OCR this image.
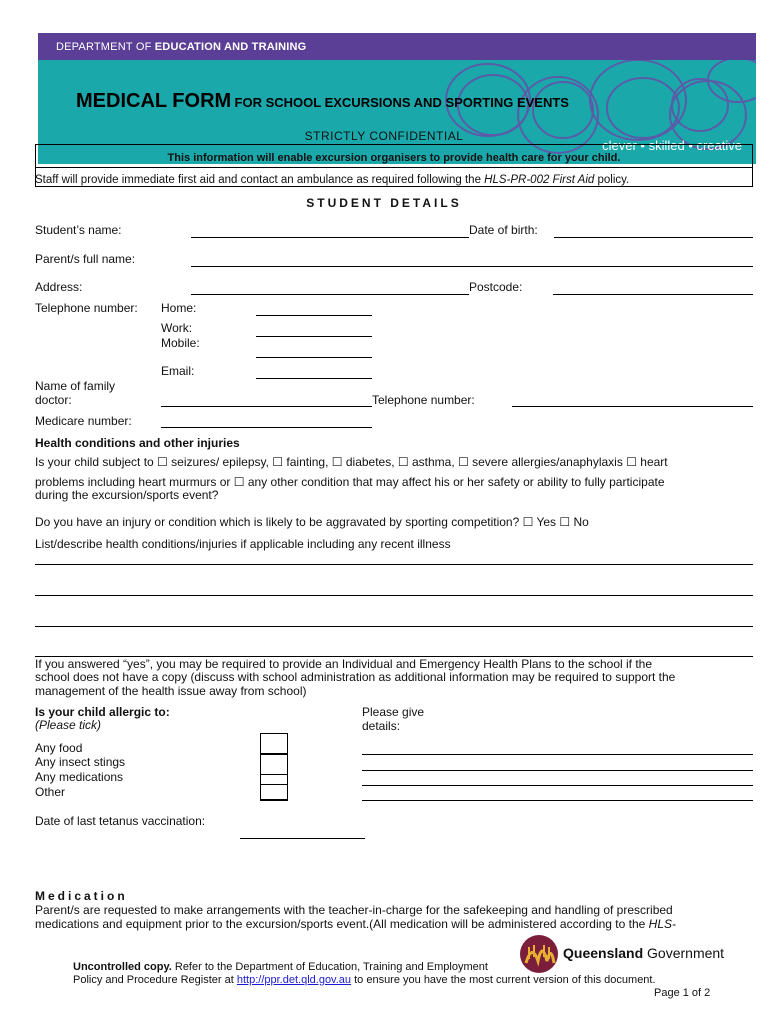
DEPARTMENT OF EDUCATION AND TRAINING
clever • skilled • creative
MEDICAL FORM FOR SCHOOL EXCURSIONS AND SPORTING EVENTS
STRICTLY CONFIDENTIAL
This information will enable excursion organisers to provide health care for your child.
Staff will provide immediate first aid and contact an ambulance as required following the HLS-PR-002 First Aid policy.
STUDENT DETAILS
Student’s name:	Date of birth:
Parent/s full name:
Address:	Postcode:
Telephone number: Home:
Work:
Mobile:
Email:
Name of family
doctor:	Telephone number:
Medicare number:
Health conditions and other injuries
Is your child subject to ☐ seizures/ epilepsy, ☐ fainting, ☐ diabetes, ☐ asthma, ☐ severe allergies/anaphylaxis ☐ heart
problems including heart murmurs or ☐ any other condition that may affect his or her safety or ability to fully participate
during the excursion/sports event?
Do you have an injury or condition which is likely to be aggravated by sporting competition? ☐ Yes ☐ No
List/describe health conditions/injuries if applicable including any recent illness
If you answered “yes”, you may be required to provide an Individual and Emergency Health Plans to the school if the
school does not have a copy (discuss with school administration as additional information may be required to support the
management of the health issue away from school)
Is your child allergic to:
(Please tick)
Please give
details:
Any food
Any insect stings
Any medications
Other
Date of last tetanus vaccination:
Medication
Parent/s are requested to make arrangements with the teacher-in-charge for the safekeeping and handling of prescribed
medications and equipment prior to the excursion/sports event.(All medication will be administered according to the HLS-
Queensland Government
Uncontrolled copy. Refer to the Department of Education, Training and Employment
Policy and Procedure Register at http://ppr.det.qld.gov.au to ensure you have the most current version of this document.
Page 1 of 2
